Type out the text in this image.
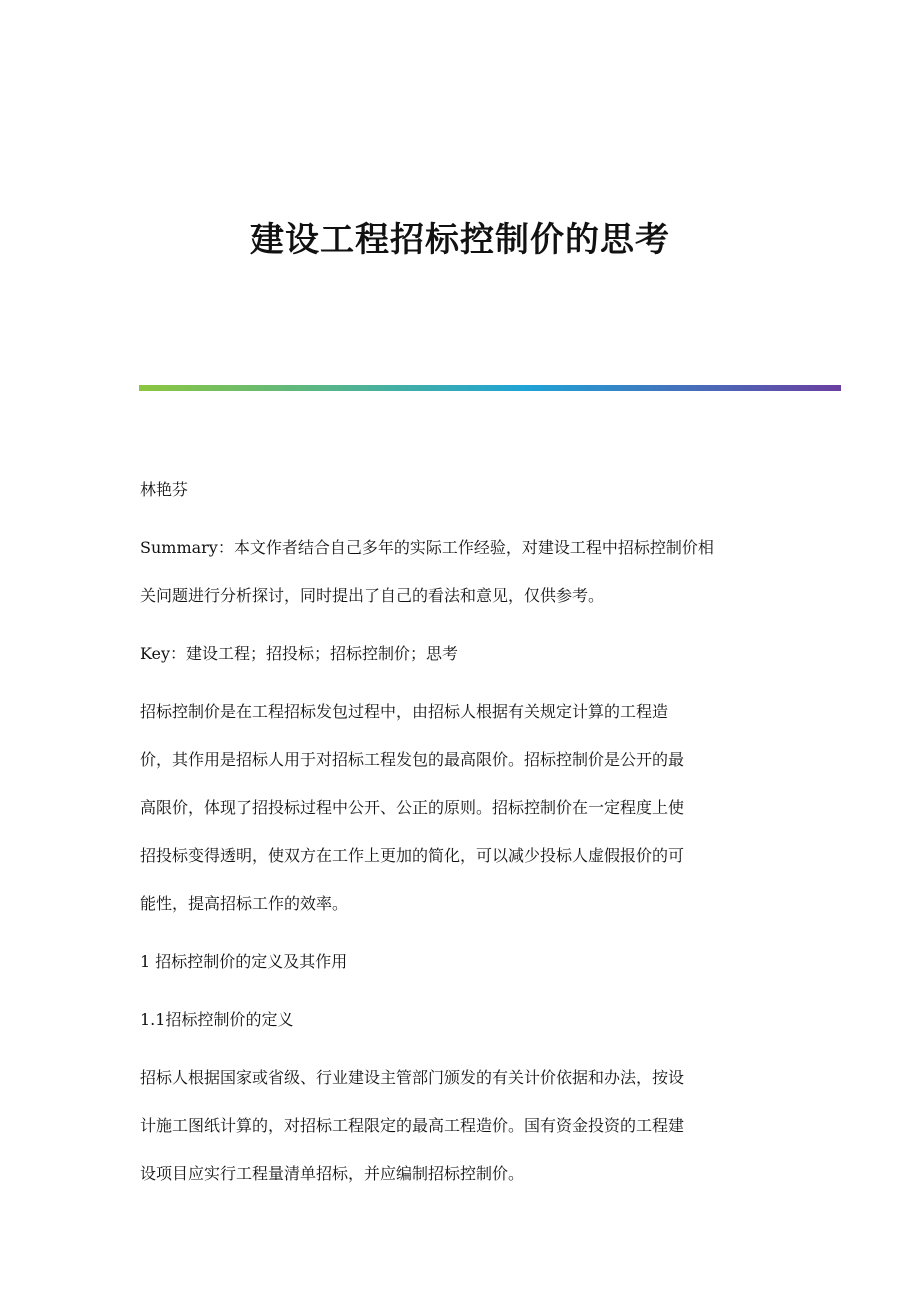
建设工程招标控制价的思考
林艳芬
Summary：本文作者结合自己多年的实际工作经验，对建设工程中招标控制价相
关问题进行分析探讨，同时提出了自己的看法和意见，仅供参考。
Key：建设工程；招投标；招标控制价；思考
招标控制价是在工程招标发包过程中，由招标人根据有关规定计算的工程造
价，其作用是招标人用于对招标工程发包的最高限价。招标控制价是公开的最
高限价，体现了招投标过程中公开、公正的原则。招标控制价在一定程度上使
招投标变得透明，使双方在工作上更加的简化，可以减少投标人虚假报价的可
能性，提高招标工作的效率。
1 招标控制价的定义及其作用
1.1招标控制价的定义
招标人根据国家或省级、行业建设主管部门颁发的有关计价依据和办法，按设
计施工图纸计算的，对招标工程限定的最高工程造价。国有资金投资的工程建
设项目应实行工程量清单招标，并应编制招标控制价。
